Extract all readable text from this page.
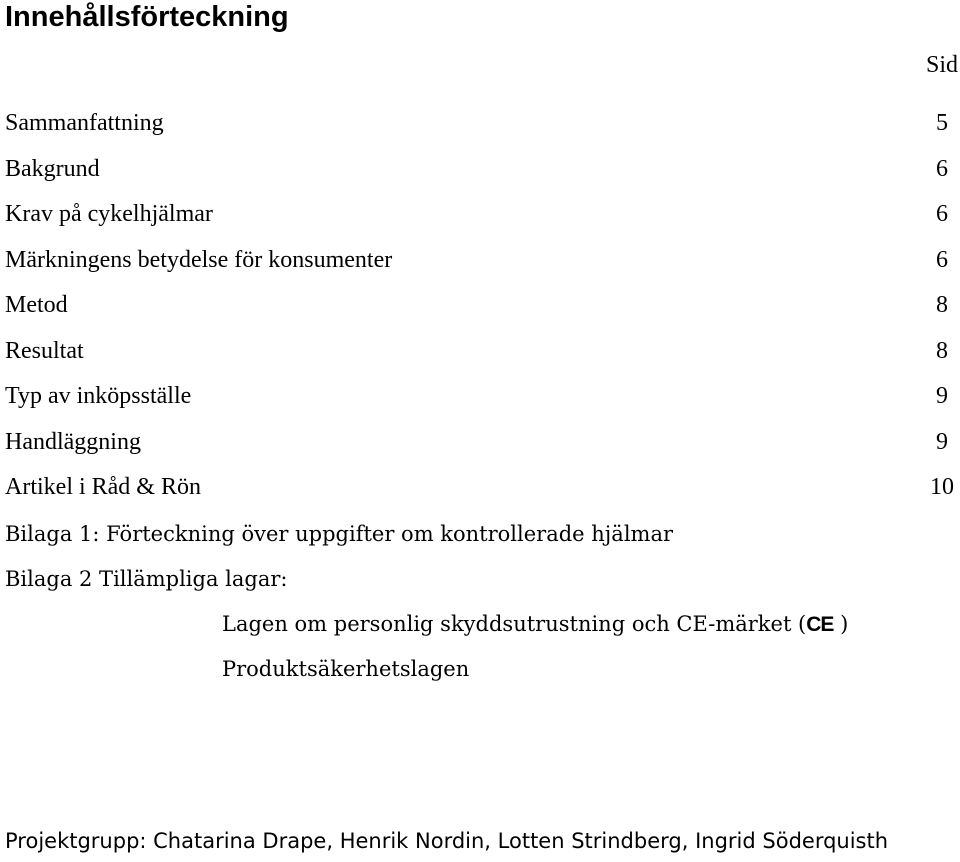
Innehållsförteckning
Sid
Sammanfattning	5
Bakgrund	6
Krav på cykelhjälmar	6
Märkningens betydelse för konsumenter	6
Metod	8
Resultat	8
Typ av inköpsställe	9
Handläggning	9
Artikel i Råd & Rön	10
Bilaga 1: Förteckning över uppgifter om kontrollerade hjälmar
Bilaga 2 Tillämpliga lagar:
Lagen om personlig skyddsutrustning och CE-märket (CE )
Produktsäkerhetslagen
Projektgrupp: Chatarina Drape, Henrik Nordin, Lotten Strindberg, Ingrid Söderquisth
